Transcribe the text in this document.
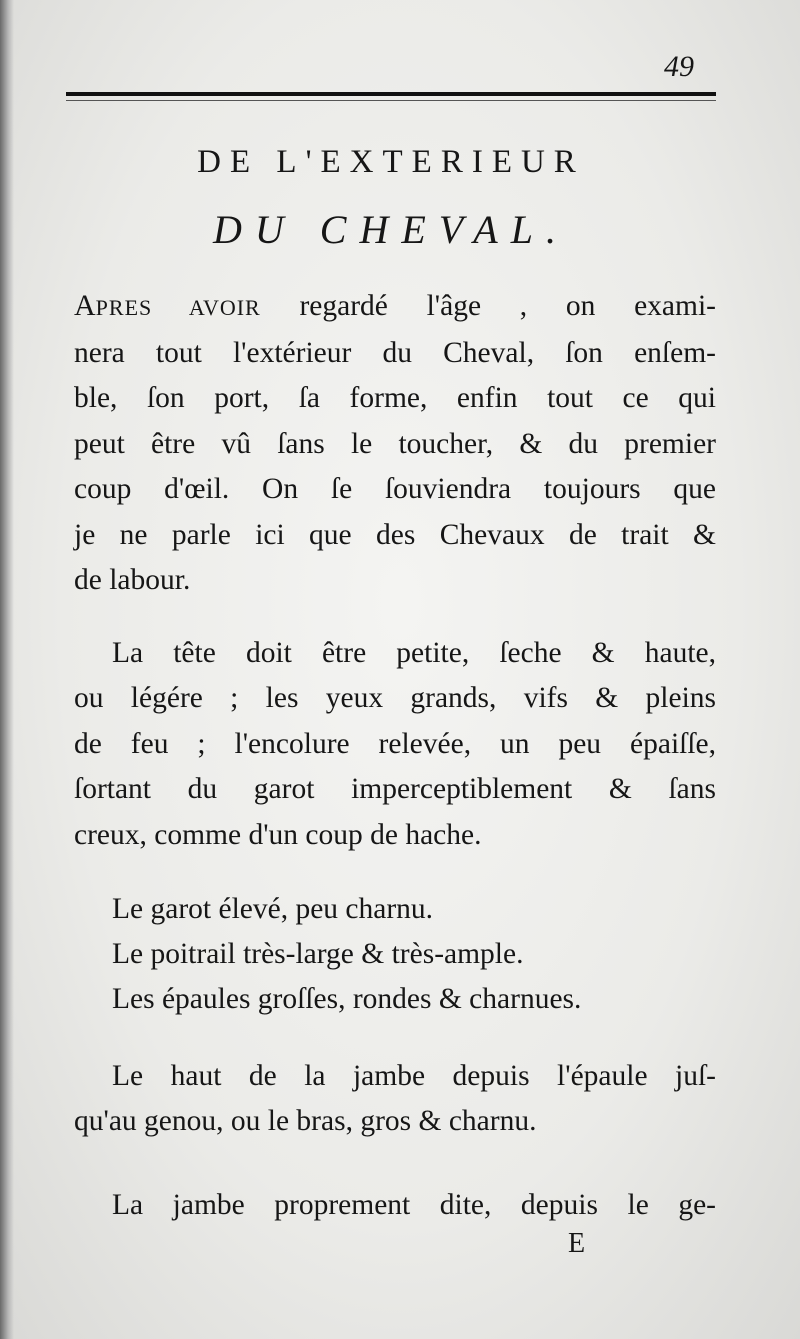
49
DE L'EXTERIEUR
DU CHEVAL.

APRES AVOIR regardé l'âge , on exami-

nera tout l'extérieur du Cheval, ſon enſem-

ble, ſon port, ſa forme, enfin tout ce qui

peut être vû ſans le toucher, & du premier

coup d'œil. On ſe ſouviendra toujours que

je ne parle ici que des Chevaux de trait &

de labour.

La tête doit être petite, ſeche & haute,

ou légére ; les yeux grands, vifs & pleins

de feu ; l'encolure relevée, un peu épaiſſe,

ſortant du garot imperceptiblement & ſans

creux, comme d'un coup de hache.

Le garot élevé, peu charnu.
Le poitrail très-large & très-ample.
Les épaules groſſes, rondes & charnues.

Le haut de la jambe depuis l'épaule juſ-

qu'au genou, ou le bras, gros & charnu.

La jambe proprement dite, depuis le ge-

E
